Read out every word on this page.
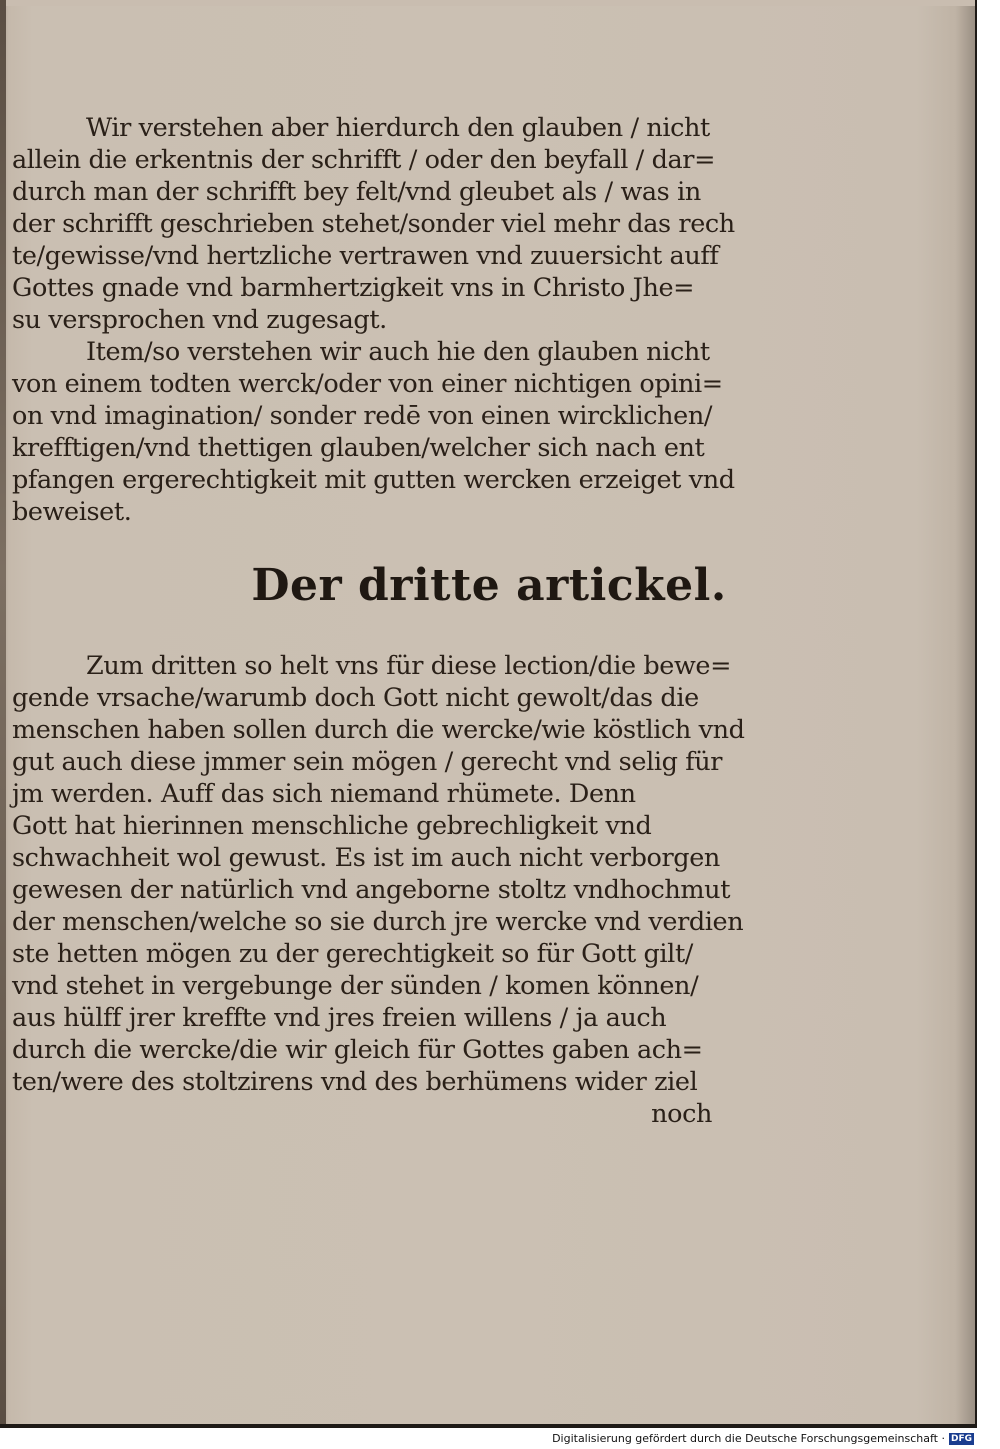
Wir verstehen aber hierdurch den glauben / nicht
allein die erkentnis der schrifft / oder den beyfall / dar=
durch man der schrifft bey felt/vnd gleubet als / was in
der schrifft geschrieben stehet/sonder viel mehr das rech
te/gewisse/vnd hertzliche vertrawen vnd zuuersicht auff
Gottes gnade vnd barmhertzigkeit vns in Christo Jhe=
su versprochen vnd zugesagt.
Item/so verstehen wir auch hie den glauben nicht
von einem todten werck/oder von einer nichtigen opini=
on vnd imagination/ sonder redē von einen wircklichen/
krefftigen/vnd thettigen glauben/welcher sich nach ent
pfangen ergerechtigkeit mit gutten wercken erzeiget vnd
beweiset.
Der dritte artickel.
Zum dritten so helt vns für diese lection/die bewe=
gende vrsache/warumb doch Gott nicht gewolt/das die
menschen haben sollen durch die wercke/wie köstlich vnd
gut auch diese jmmer sein mögen / gerecht vnd selig für
jm werden. Auff das sich niemand rhümete. Denn
Gott hat hierinnen menschliche gebrechligkeit vnd
schwachheit wol gewust. Es ist im auch nicht verborgen
gewesen der natürlich vnd angeborne stoltz vndhochmut
der menschen/welche so sie durch jre wercke vnd verdien
ste hetten mögen zu der gerechtigkeit so für Gott gilt/
vnd stehet in vergebunge der sünden / komen können/
aus hülff jrer kreffte vnd jres freien willens / ja auch
durch die wercke/die wir gleich für Gottes gaben ach=
ten/were des stoltzirens vnd des berhümens wider ziel
noch
Digitalisierung gefördert durch die Deutsche Forschungsgemeinschaft · DFG
